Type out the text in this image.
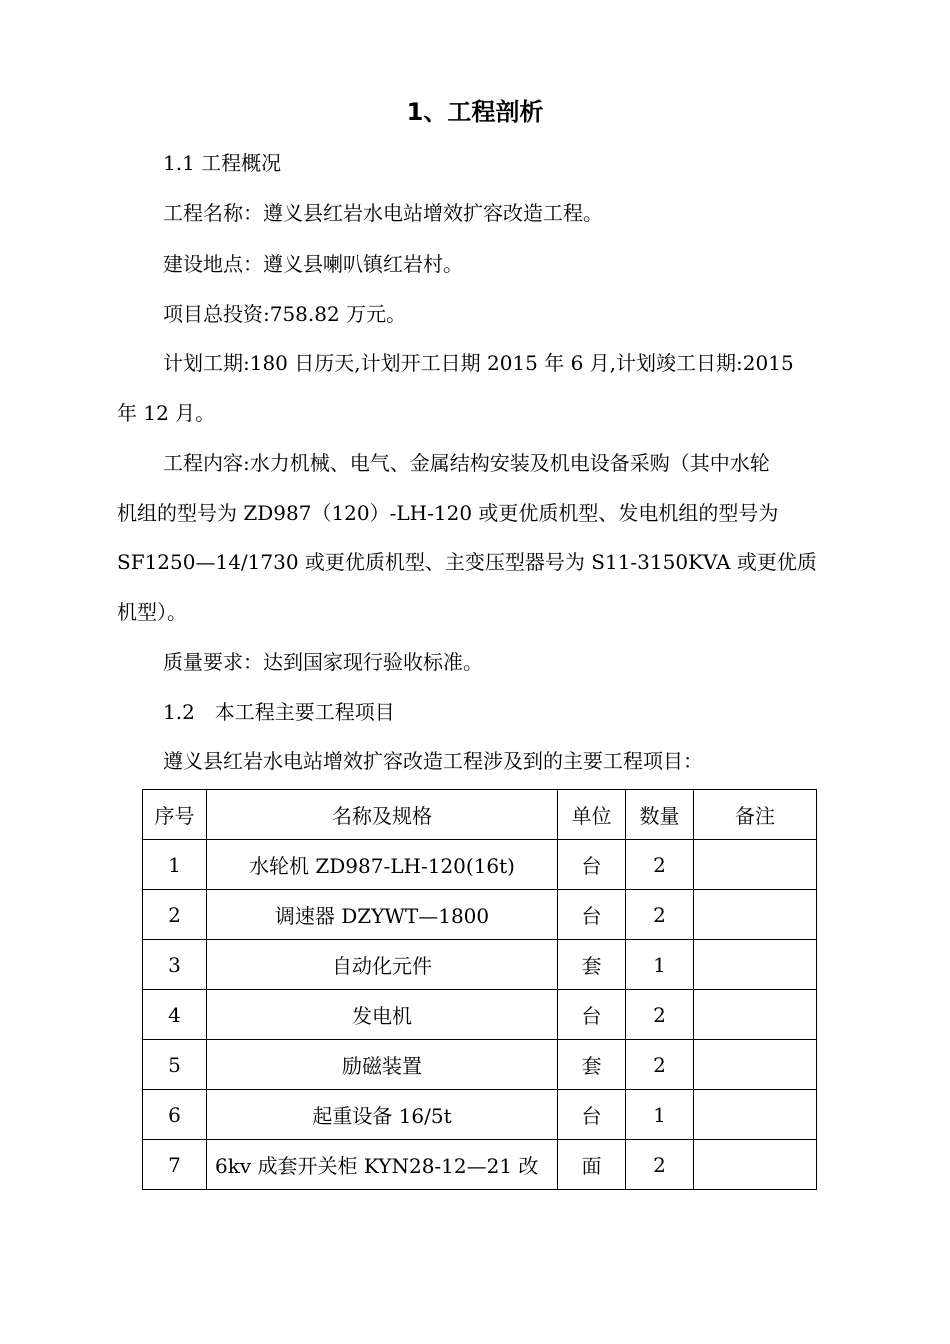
1、工程剖析
1.1 工程概况
工程名称：遵义县红岩水电站增效扩容改造工程。
建设地点：遵义县喇叭镇红岩村。
项目总投资:758.82 万元。
计划工期:180 日历天,计划开工日期 2015 年 6 月,计划竣工日期:2015
年 12 月。
工程内容:水力机械、电气、金属结构安装及机电设备采购（其中水轮
机组的型号为 ZD987（120）-LH-120 或更优质机型、发电机组的型号为
SF1250—14/1730 或更优质机型、主变压型器号为 S11-3150KVA 或更优质
机型）。
质量要求：达到国家现行验收标准。
1.2　本工程主要工程项目
遵义县红岩水电站增效扩容改造工程涉及到的主要工程项目：
序号	名称及规格	单位	数量	备注
1	水轮机 ZD987-LH-120(16t)	台	2	
2	调速器 DZYWT—1800	台	2	
3	自动化元件	套	1	
4	发电机	台	2	
5	励磁装置	套	2	
6	起重设备 16/5t	台	1	
7	6kv 成套开关柜 KYN28-12—21 改	面	2	
